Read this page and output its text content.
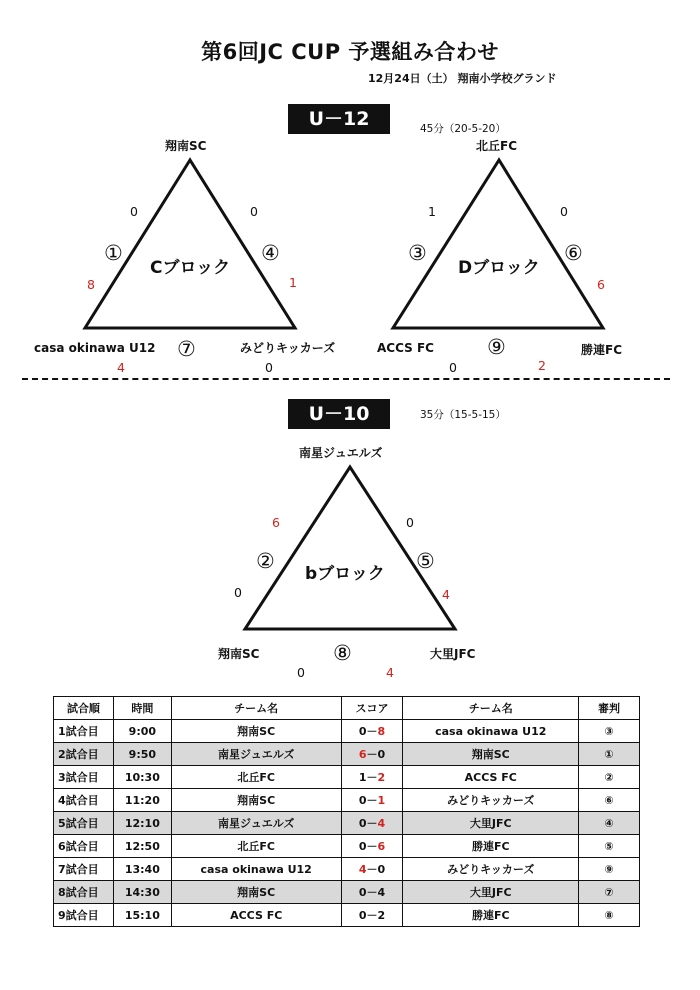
第6回JC CUP 予選組み合わせ
12月24日（土） 翔南小学校グランド
U－12	45分（20-5-20）
翔南SC
casa okinawa U12	みどりキッカーズ
Cブロック
①	④
⑦
0
8
0
1
4	0
北丘FC
ACCS FC	勝連FC
Dブロック
③	⑥
⑨
1	0
6
0	2
U－10	35分（15-5-15）
南星ジュエルズ
翔南SC	大里JFC
bブロック
②	⑤
⑧
6
0
0
4
0	4
試合順	時間	チーム名	スコア	チーム名	審判
1試合目	9:00	翔南SC	0－8	casa okinawa U12	③
2試合目	9:50	南星ジュエルズ	6－0	翔南SC	①
3試合目	10:30	北丘FC	1－2	ACCS FC	②
4試合目	11:20	翔南SC	0－1	みどりキッカーズ	⑥
5試合目	12:10	南星ジュエルズ	0－4	大里JFC	④
6試合目	12:50	北丘FC	0－6	勝連FC	⑤
7試合目	13:40	casa okinawa U12	4－0	みどりキッカーズ	⑨
8試合目	14:30	翔南SC	0－4	大里JFC	⑦
9試合目	15:10	ACCS FC	0－2	勝連FC	⑧
